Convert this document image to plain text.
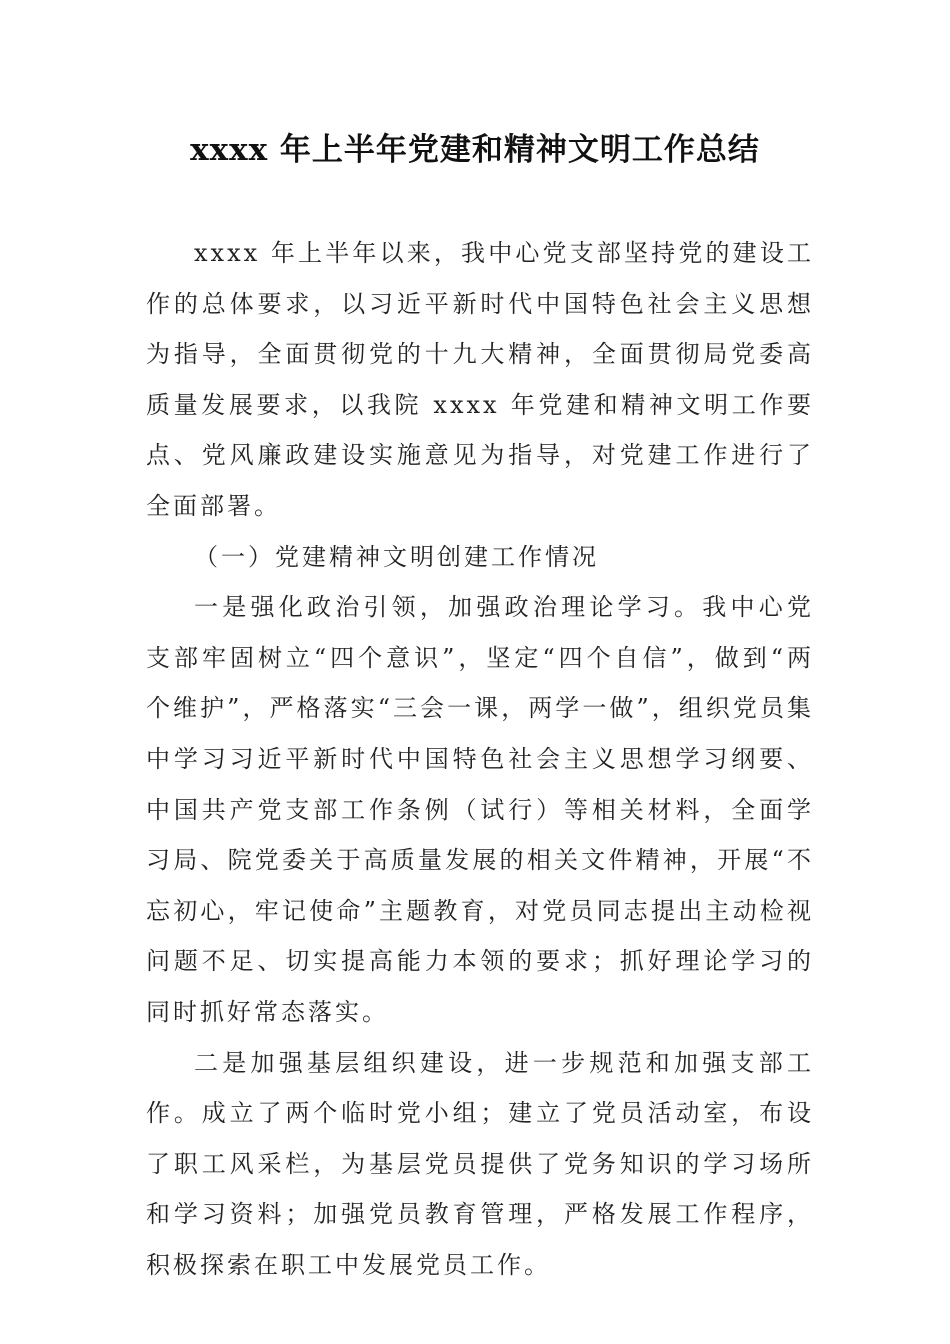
xxxx 年上半年党建和精神文明工作总结

xxxx 年上半年以来，我中心党支部坚持党的建设工作的总体要求，以习近平新时代中国特色社会主义思想为指导，全面贯彻党的十九大精神，全面贯彻局党委高质量发展要求，以我院 xxxx 年党建和精神文明工作要点、党风廉政建设实施意见为指导，对党建工作进行了全面部署。

（一）党建精神文明创建工作情况

一是强化政治引领，加强政治理论学习。我中心党支部牢固树立“四个意识”，坚定“四个自信”，做到“两个维护”，严格落实“三会一课，两学一做”，组织党员集中学习习近平新时代中国特色社会主义思想学习纲要、中国共产党支部工作条例（试行）等相关材料，全面学习局、院党委关于高质量发展的相关文件精神，开展“不忘初心，牢记使命”主题教育，对党员同志提出主动检视问题不足、切实提高能力本领的要求；抓好理论学习的同时抓好常态落实。

二是加强基层组织建设，进一步规范和加强支部工作。成立了两个临时党小组；建立了党员活动室，布设了职工风采栏，为基层党员提供了党务知识的学习场所和学习资料；加强党员教育管理，严格发展工作程序，积极探索在职工中发展党员工作。
